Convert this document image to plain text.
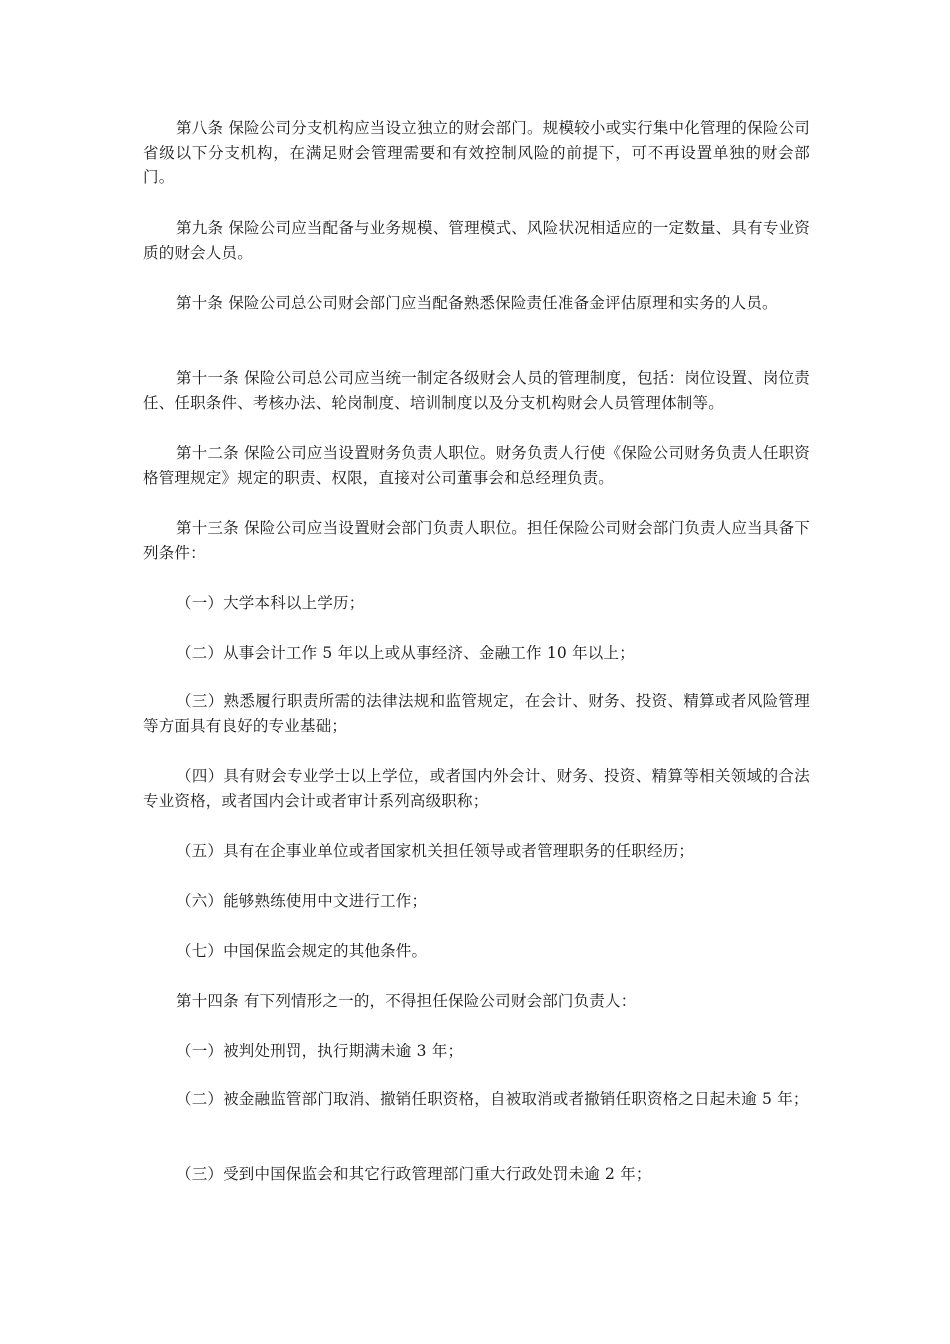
第八条 保险公司分支机构应当设立独立的财会部门。规模较小或实行集中化管理的保险公司省级以下分支机构，在满足财会管理需要和有效控制风险的前提下，可不再设置单独的财会部门。

第九条 保险公司应当配备与业务规模、管理模式、风险状况相适应的一定数量、具有专业资质的财会人员。

第十条 保险公司总公司财会部门应当配备熟悉保险责任准备金评估原理和实务的人员。

第十一条 保险公司总公司应当统一制定各级财会人员的管理制度，包括：岗位设置、岗位责任、任职条件、考核办法、轮岗制度、培训制度以及分支机构财会人员管理体制等。

第十二条 保险公司应当设置财务负责人职位。财务负责人行使《保险公司财务负责人任职资格管理规定》规定的职责、权限，直接对公司董事会和总经理负责。

第十三条 保险公司应当设置财会部门负责人职位。担任保险公司财会部门负责人应当具备下列条件：

（一）大学本科以上学历；

（二）从事会计工作 5 年以上或从事经济、金融工作 10 年以上；

（三）熟悉履行职责所需的法律法规和监管规定，在会计、财务、投资、精算或者风险管理等方面具有良好的专业基础；

（四）具有财会专业学士以上学位，或者国内外会计、财务、投资、精算等相关领域的合法专业资格，或者国内会计或者审计系列高级职称；

（五）具有在企事业单位或者国家机关担任领导或者管理职务的任职经历；

（六）能够熟练使用中文进行工作；

（七）中国保监会规定的其他条件。

第十四条 有下列情形之一的，不得担任保险公司财会部门负责人：

（一）被判处刑罚，执行期满未逾 3 年；

（二）被金融监管部门取消、撤销任职资格，自被取消或者撤销任职资格之日起未逾 5 年；

（三）受到中国保监会和其它行政管理部门重大行政处罚未逾 2 年；
